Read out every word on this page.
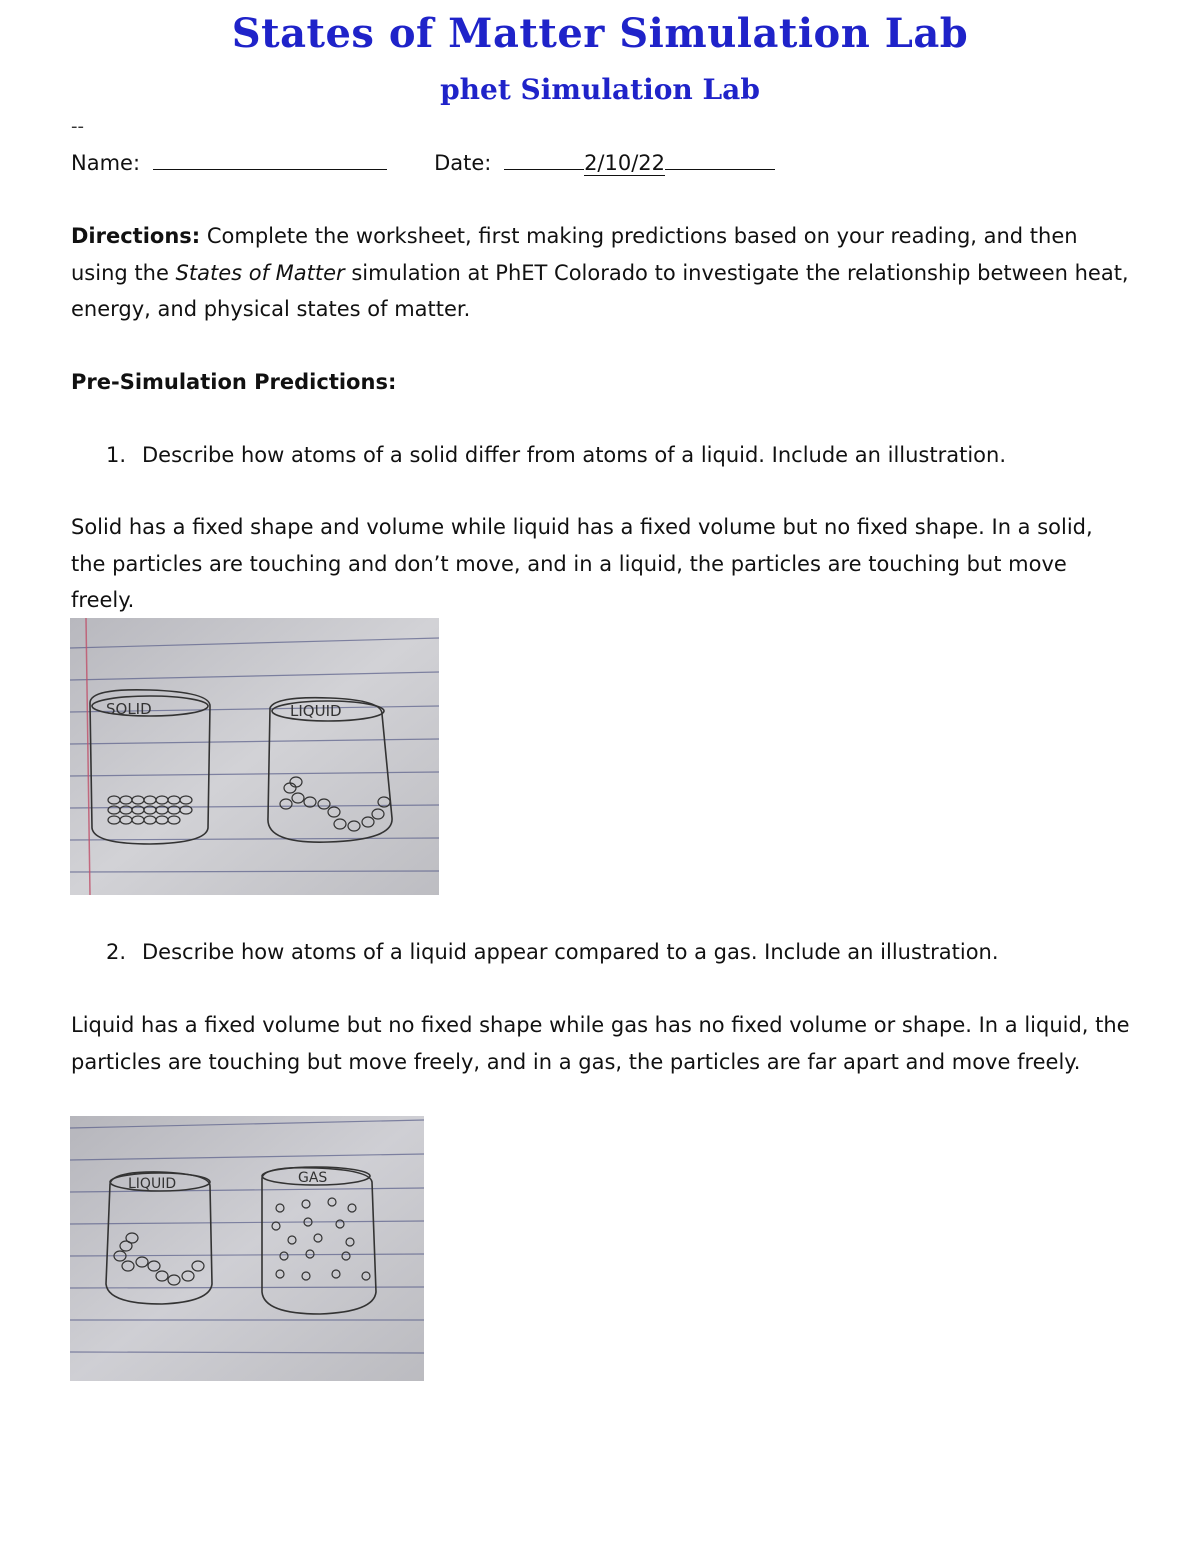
States of Matter Simulation Lab
phet Simulation Lab
--
Name:	Date:	2/10/22
Directions: Complete the worksheet, first making predictions based on your reading, and then using the States of Matter simulation at PhET Colorado to investigate the relationship between heat, energy, and physical states of matter.
Pre-Simulation Predictions:
1. Describe how atoms of a solid differ from atoms of a liquid. Include an illustration.
Solid has a fixed shape and volume while liquid has a fixed volume but no fixed shape. In a solid, the particles are touching and don’t move, and in a liquid, the particles are touching but move freely.
SOLID	LIQUID
2. Describe how atoms of a liquid appear compared to a gas. Include an illustration.
Liquid has a fixed volume but no fixed shape while gas has no fixed volume or shape. In a liquid, the particles are touching but move freely, and in a gas, the particles are far apart and move freely.
LIQUID	GAS
